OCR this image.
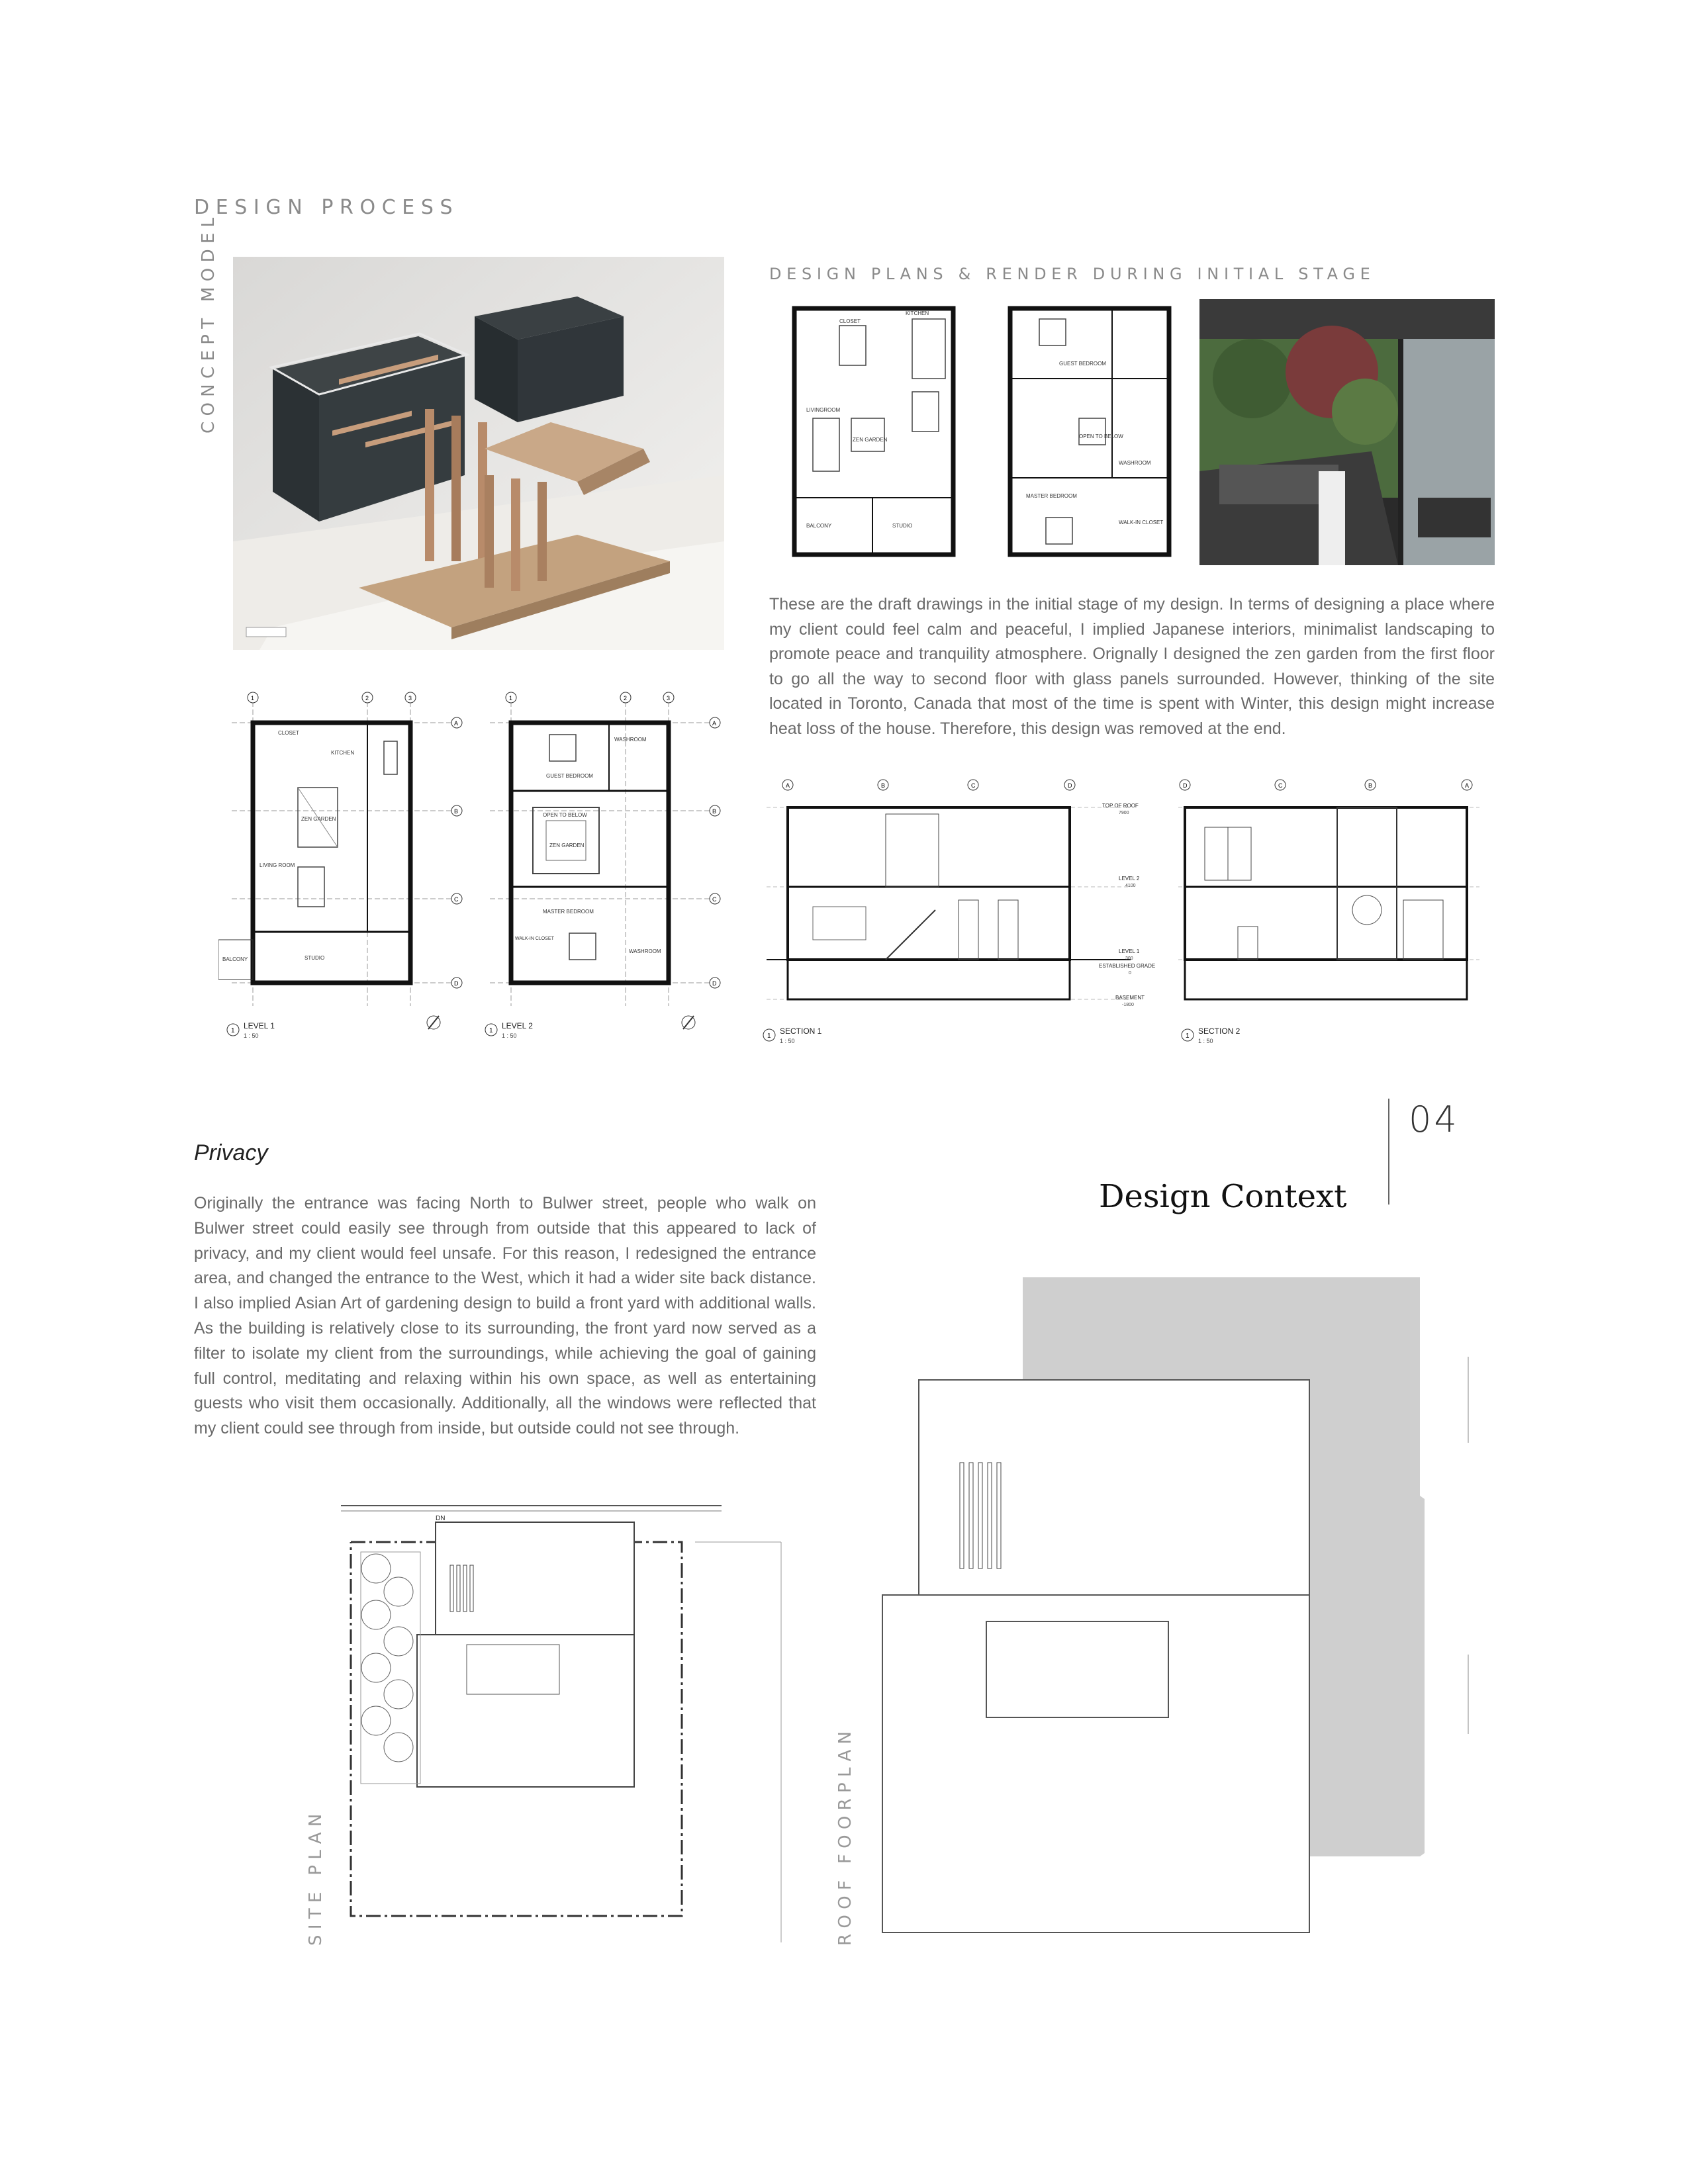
DESIGN PROCESS
CONCEPT MODEL	DESIGN PLANS & RENDER DURING INITIAL STAGE
CLOSET
KITCHEN
LIVINGROOM
ZEN GARDEN
BALCONY	STUDIO
GUEST BEDROOM
OPEN TO BELOW
WASHROOM
MASTER BEDROOM
WALK-IN CLOSET

These are the draft drawings in the initial stage of my design. In terms of designing a place where my client could feel calm and peaceful, I implied Japanese interiors, minimalist landscaping to promote peace and tranquility atmosphere. Orignally I designed the zen garden from the first floor to go all the way to second floor with glass panels surrounded. However, thinking of the site located in Toronto, Canada that most of the time is spent with Winter, this design might increase heat loss of the house. Therefore, this design was removed at the end.

1	2	3
A
B
C
D
CLOSET
KITCHEN
ZEN GARDEN
LIVING ROOM
BALCONY	STUDIO
1
LEVEL 1
1 : 50
1	2	3
A
B
C
D
GUEST BEDROOM
WASHROOM
OPEN TO BELOW
ZEN GARDEN
MASTER BEDROOM
WALK-IN CLOSET
WASHROOM
1
LEVEL 2
1 : 50
A	B	C	D
1
SECTION 1
1 : 50
TOP OF ROOF
7900
LEVEL 2
4100
LEVEL 1
300
ESTABLISHED GRADE
0
BASEMENT
-1800
D	C	B	A
1
SECTION 2
1 : 50
04
Design Context
Privacy

Originally the entrance was facing North to Bulwer street, people who walk on Bulwer street could easily see through from outside that this appeared to lack of privacy, and my client would feel unsafe. For this reason, I redesigned the entrance area, and changed the entrance to the West, which it had a wider site back distance. I also implied Asian Art of gardening design to build a front yard with additional walls. As the building is relatively close to its surrounding, the front yard now served as a filter to isolate my client from the surroundings, while achieving the goal of gaining full control, meditating and relaxing within his own space, as well as entertaining guests who visit them occasionally. Additionally, all the windows were reflected that my client could see through from inside, but outside could not see through.

SITE PLAN
DN
ROOF FOORPLAN
